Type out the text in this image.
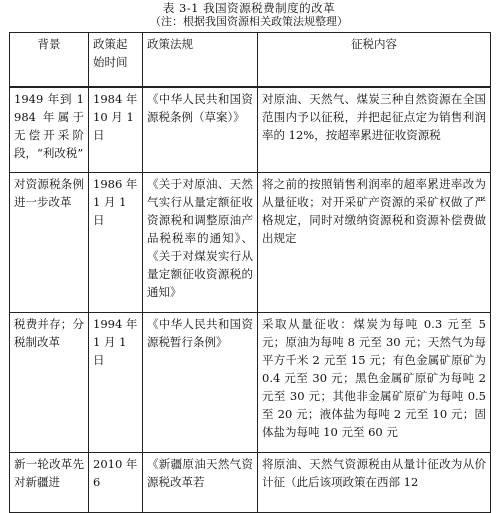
表 3-1 我国资源税费制度的改革
（注：根据我国资源相关政策法规整理）
背景	政策起始时间	政策法规	征税内容
1949 年到 1984 年属于无偿开采阶段，“利改税”	1984 年 10 月 1 日	《中华人民共和国资源税条例（草案）》	对原油、天然气、煤炭三种自然资源在全国范围内予以征税，并把起征点定为销售利润率的 12%，按超率累进征收资源税
对资源税条例进一步改革	1986 年 1 月 1 日	《关于对原油、天然气实行从量定额征收资源税和调整原油产品税税率的通知》、《关于对煤炭实行从量定额征收资源税的通知》	将之前的按照销售利润率的超率累进率改为从量征收；对开采矿产资源的采矿权做了严格规定，同时对缴纳资源税和资源补偿费做出规定
税费并存；分税制改革	1994 年 1 月 1 日	《中华人民共和国资源税暂行条例》	采取从量征收：煤炭为每吨 0.3 元至 5 元；原油为每吨 8 元至 30 元；天然气为每平方千米 2 元至 15 元；有色金属矿原矿为 0.4 元至 30 元；黑色金属矿原矿为每吨 2 元至 30 元；其他非金属矿原矿为每吨 0.5 至 20 元；液体盐为每吨 2 元至 10 元；固体盐为每吨 10 元至 60 元
新一轮改革先对新疆进	2010 年 6	《新疆原油天然气资源税改革若	将原油、天然气资源税由从量计征改为从价计征（此后该项政策在西部 12
